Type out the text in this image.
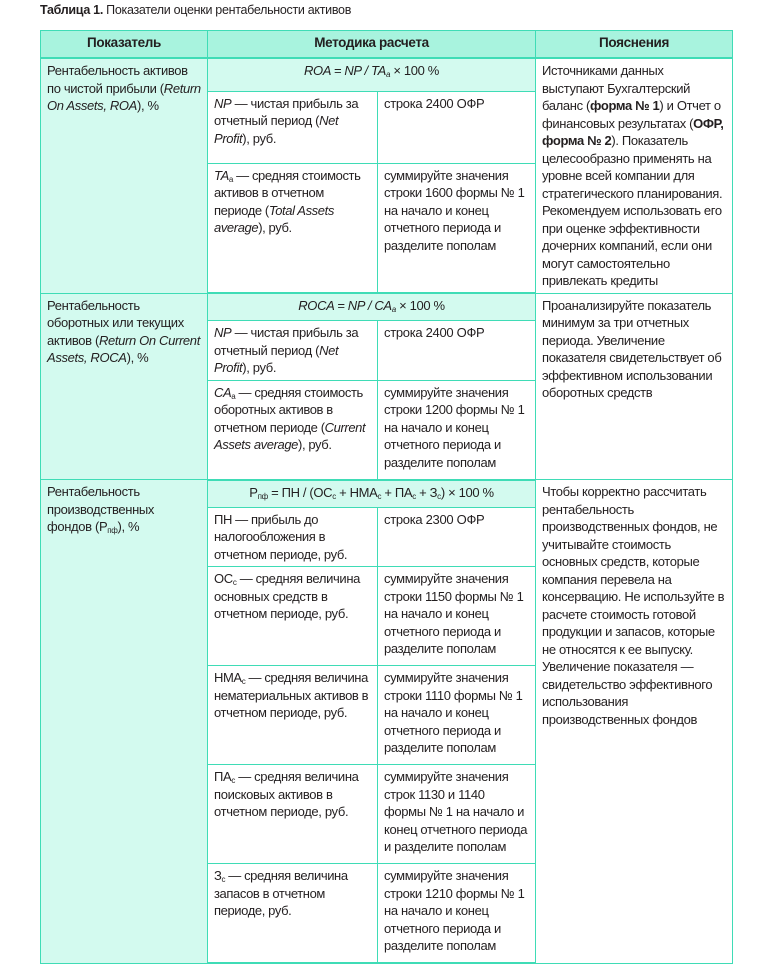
Таблица 1. Показатели оценки рентабельности активов
Показатель	Методика расчета		Пояснения
Рентабельность активов по чистой прибыли (Return On Assets, ROA), %	ROA = NP / $TA_a \times 100$ %		Источниками данных выступают Бухгалтерский баланс (форма № 1) и Отчет о финансовых результатах (ОФР, форма № 2). Показатель целесообразно применять на уровне всей компании для стратегического планирования. Рекомендуем использовать его при оценке эффективности дочерних компаний, если они могут самостоятельно привлекать кредиты
	NP — чистая прибыль за отчетный период (Net Profit), руб.	строка 2400 ОФР	
	$TA_a$ — средняя стоимость активов в отчетном периоде (Total Assets average), руб.	суммируйте значения строки 1600 формы № 1 на начало и конец отчетного периода и разделите пополам	
Рентабельность оборотных или текущих активов (Return On Current Assets, ROCA), %	ROCA = NP / $CA_a \times 100$ %		Проанализируйте показатель минимум за три отчетных периода. Увеличение показателя свидетельствует об эффективном использовании оборотных средств
	NP — чистая прибыль за отчетный период (Net Profit), руб.	строка 2400 ОФР	
	$CA_a$ — средняя стоимость оборотных активов в отчетном периоде (Current Assets average), руб.	суммируйте значения строки 1200 формы № 1 на начало и конец отчетного периода и разделите пополам	
Рентабельность производственных фондов $(Р_{пф})$, %	$Р_{пф}$ = ПН / $(ОС_с + НМА_с + ПА_с + З_с) \times 100$ %		Чтобы корректно рассчитать рентабельность производственных фондов, не учитывайте стоимость основных средств, которые компания перевела на консервацию. Не используйте в расчете стоимость готовой продукции и запасов, которые не относятся к ее выпуску. Увеличение показателя — свидетельство эффективного использования производственных фондов
	ПН — прибыль до налогообложения в отчетном периоде, руб.	строка 2300 ОФР	
	$ОС_с$ — средняя величина основных средств в отчетном периоде, руб.	суммируйте значения строки 1150 формы № 1 на начало и конец отчетного периода и разделите пополам	
	$НМА_с$ — средняя величина нематериальных активов в отчетном периоде, руб.	суммируйте значения строки 1110 формы № 1 на начало и конец отчетного периода и разделите пополам	
	$ПА_с$ — средняя величина поисковых активов в отчетном периоде, руб.	суммируйте значения строк 1130 и 1140 формы № 1 на начало и конец отчетного периода и разделите пополам	
	$З_с$ — средняя величина запасов в отчетном периоде, руб.	суммируйте значения строки 1210 формы № 1 на начало и конец отчетного периода и разделите пополам	
